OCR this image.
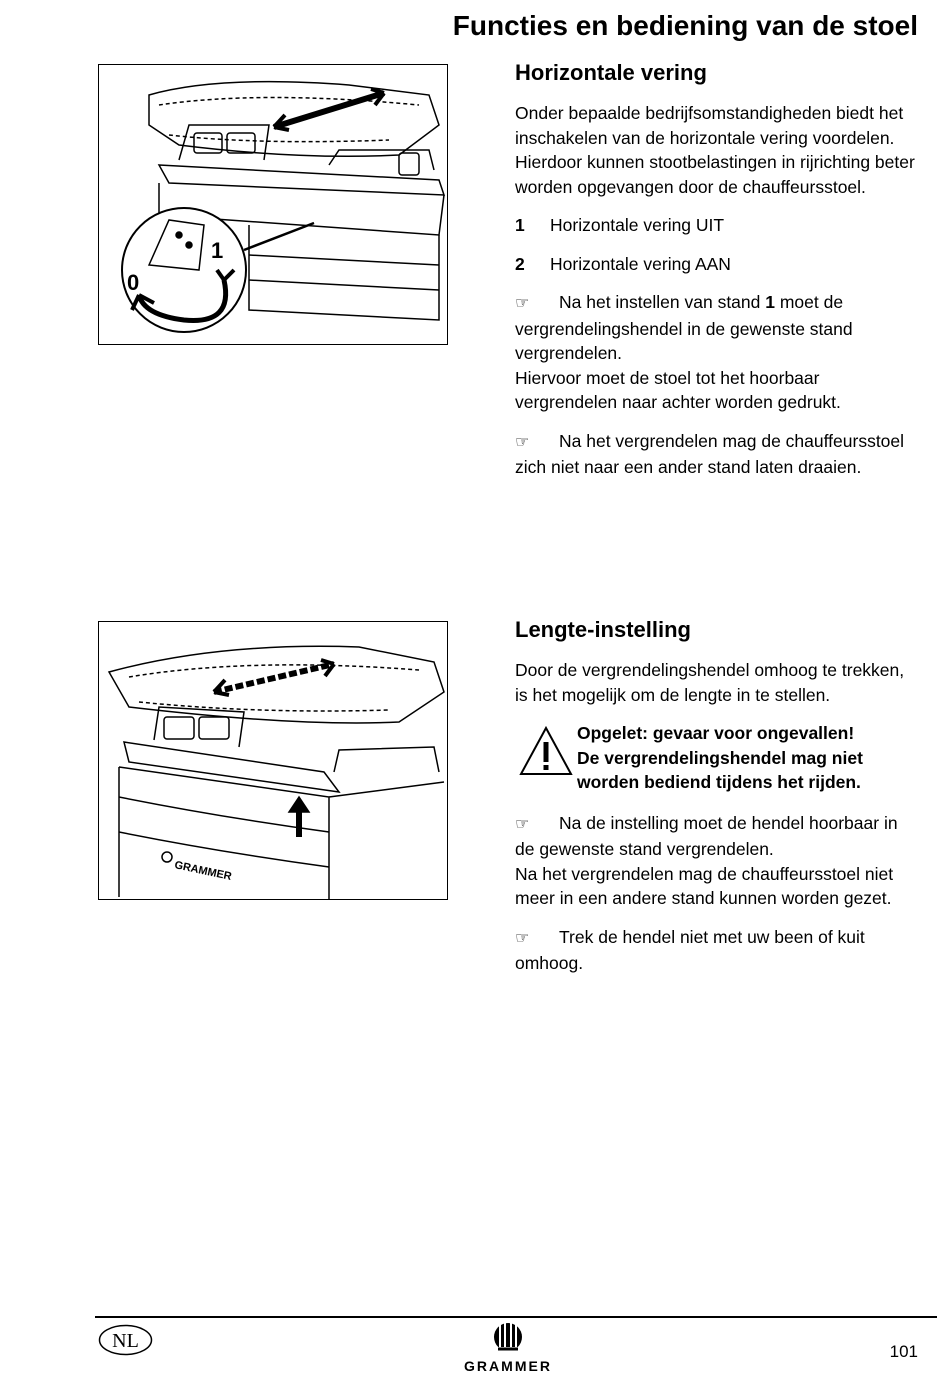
Functies en bediening van de stoel
1
0
Horizontale vering

Onder bepaalde bedrijfsomstandigheden biedt het inschakelen van de horizontale vering voordelen. Hierdoor kunnen stootbelastingen in rijrichting beter worden opgevangen door de chauffeursstoel.

1	Horizontale vering UIT
2	Horizontale vering AAN

☞ Na het instellen van stand 1 moet de vergrendelingshendel in de gewenste stand vergrendelen.
Hiervoor moet de stoel tot het hoorbaar vergrendelen naar achter worden gedrukt.

☞ Na het vergrendelen mag de chauffeursstoel zich niet naar een ander stand laten draaien.

GRAMMER
Lengte-instelling

Door de vergrendelingshendel omhoog te trekken, is het mogelijk om de lengte in te stellen.

Opgelet: gevaar voor ongevallen!
De vergrendelingshendel mag niet worden bediend tijdens het rijden.

☞ Na de instelling moet de hendel hoorbaar in de gewenste stand vergrendelen.
Na het vergrendelen mag de chauffeursstoel niet meer in een andere stand kunnen worden gezet.

☞ Trek de hendel niet met uw been of kuit omhoog.

NL
GRAMMER
101
